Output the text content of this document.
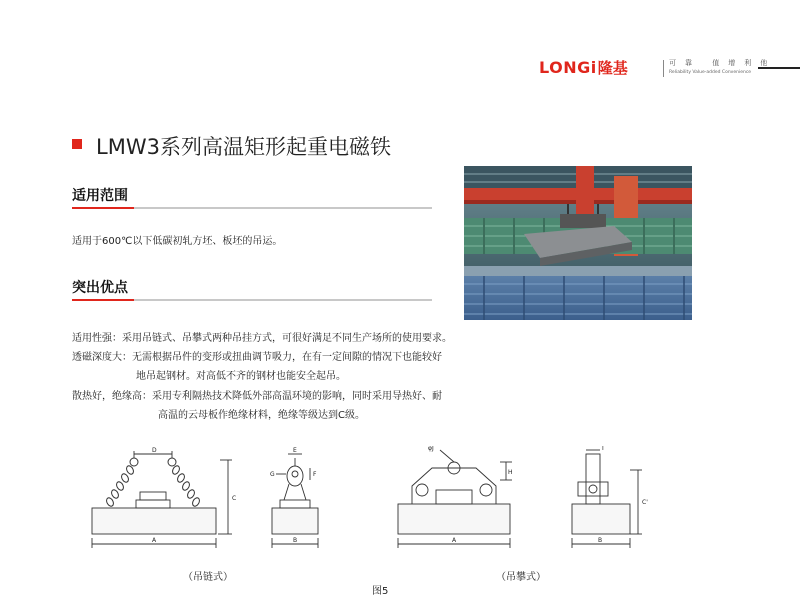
LONGi 隆基	可靠 值增利他
Reliability Value-added Convenience
LMW3系列高温矩形起重电磁铁
适用范围
适用于600℃以下低碳初轧方坯、板坯的吊运。
突出优点
适用性强：采用吊链式、吊攀式两种吊挂方式，可很好满足不同生产场所的使用要求。
透磁深度大：无需根据吊件的变形或扭曲调节吸力，在有一定间隙的情况下也能较好
地吊起钢材。对高低不齐的钢材也能安全起吊。
散热好，绝缘高：采用专利隔热技术降低外部高温环境的影响，同时采用导热好、耐
高温的云母板作绝缘材料，绝缘等级达到C级。
D
C
A
E
F
G
B
φJ
H
A	B
C'
I
（吊链式）	（吊攀式）
图5
